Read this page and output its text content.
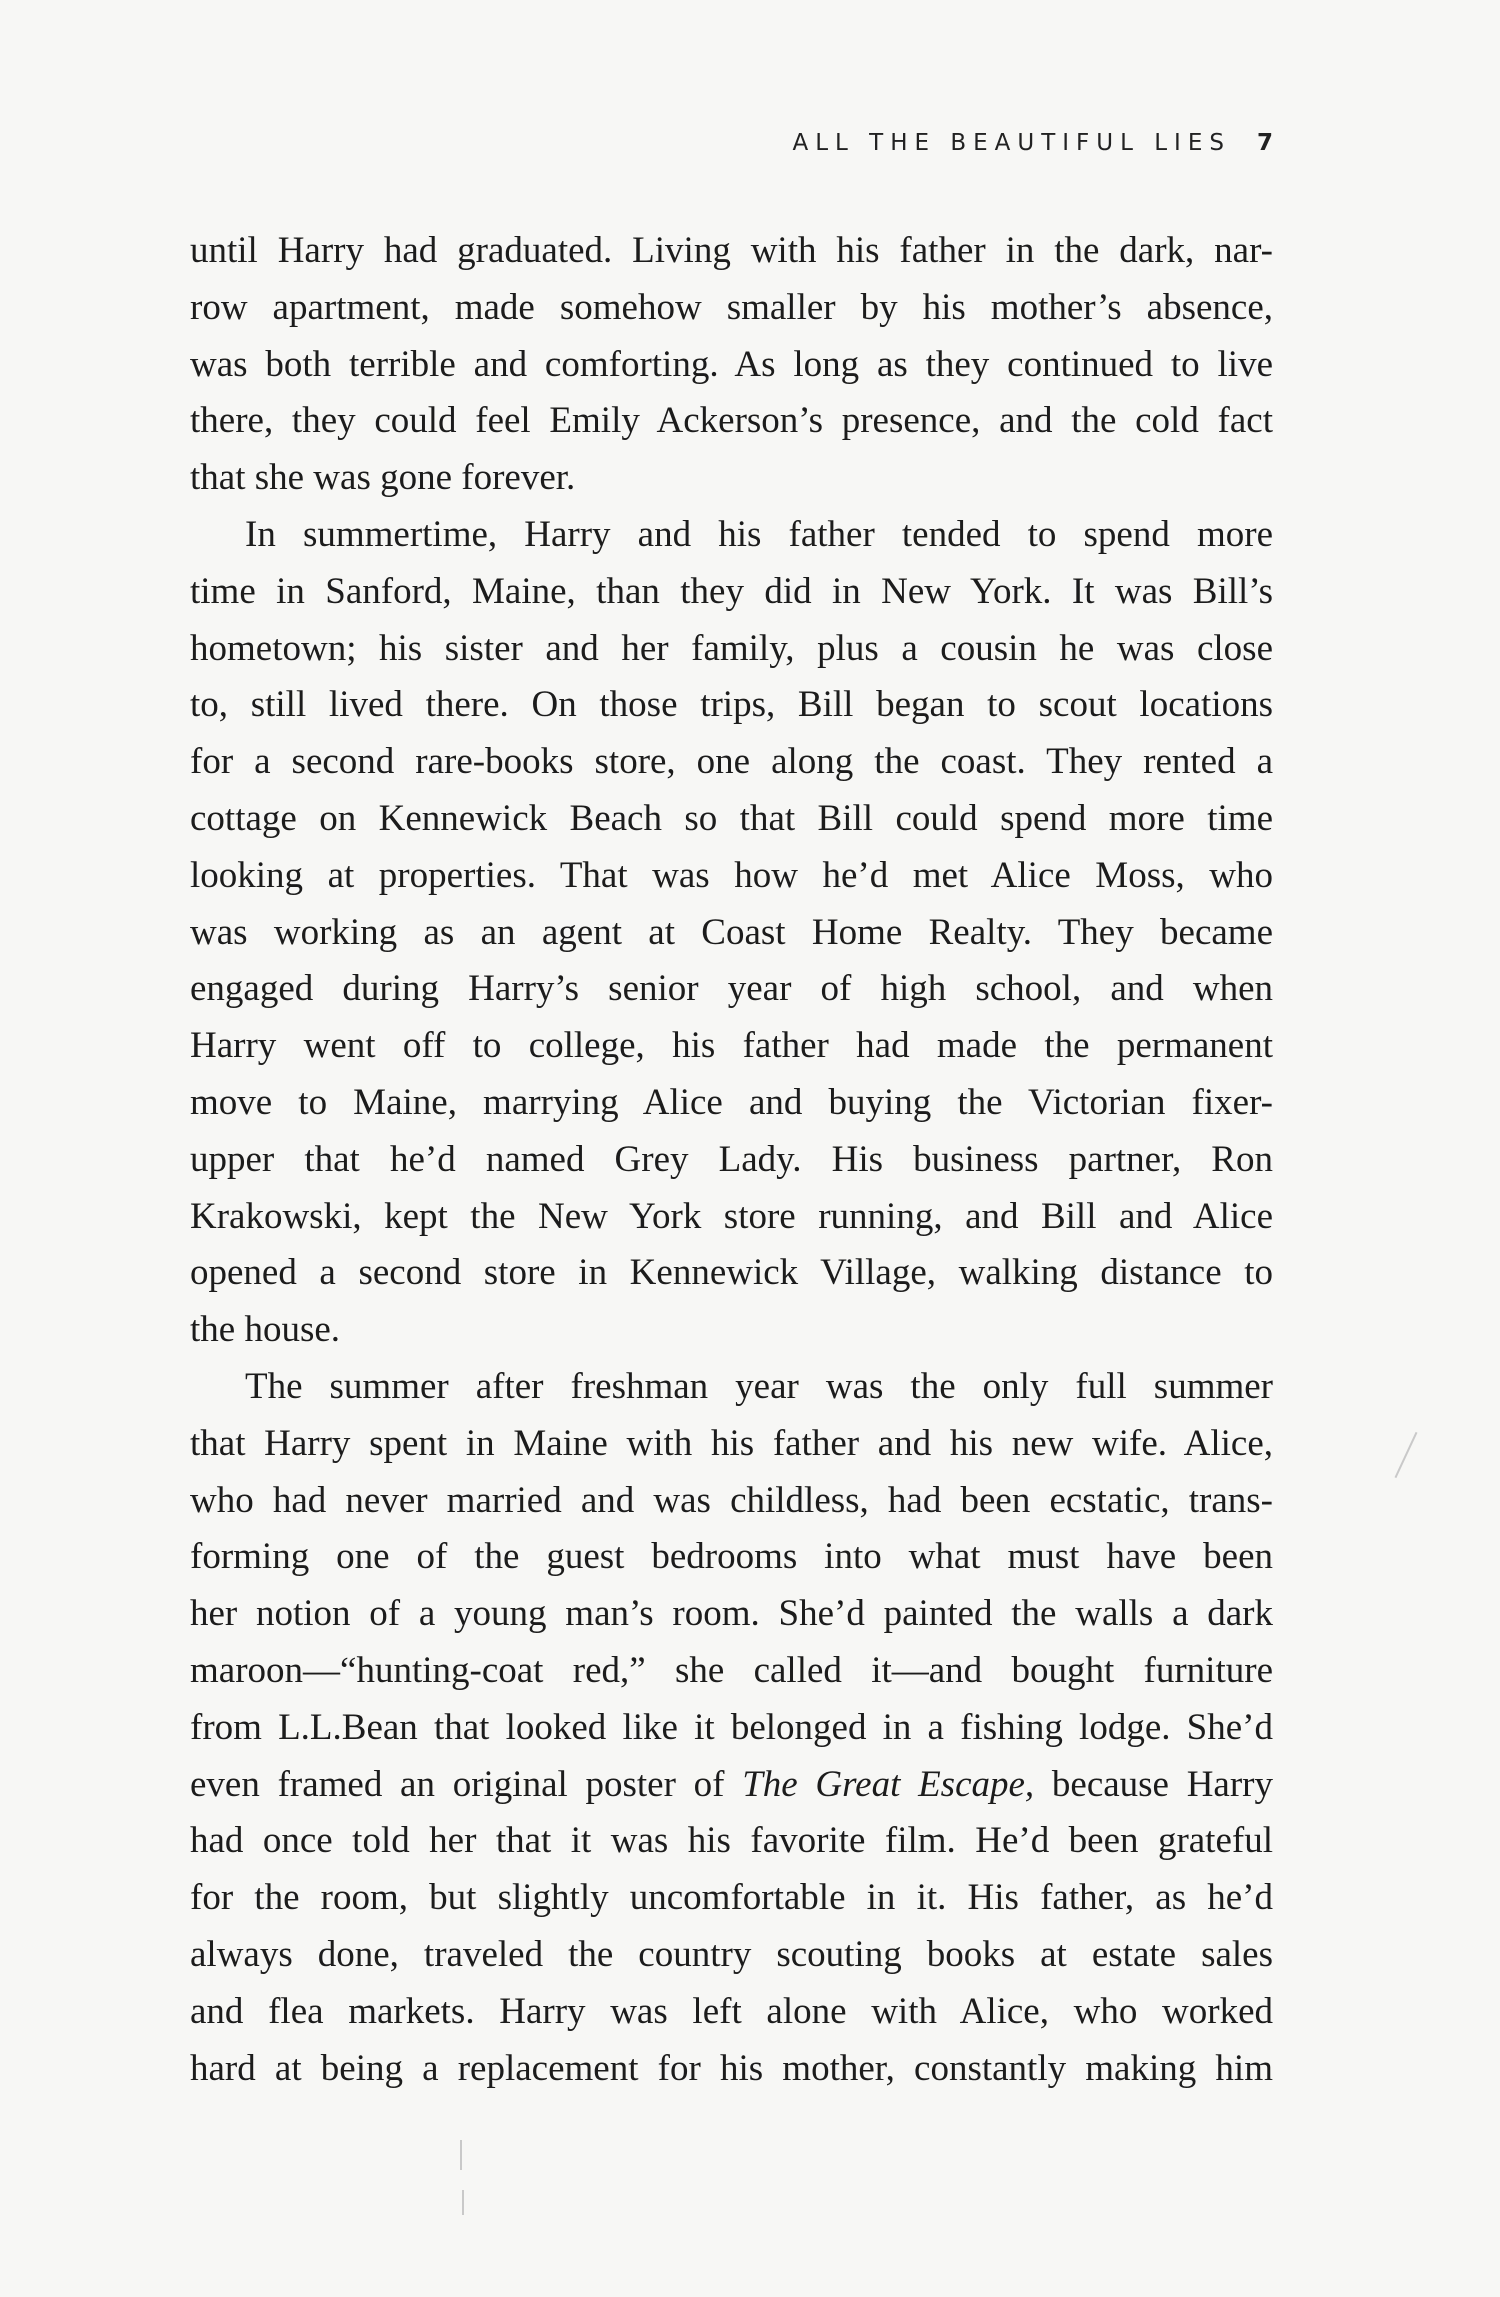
ALL THE BEAUTIFUL LIES 7

until Harry had graduated. Living with his father in the dark, nar-
row apartment, made somehow smaller by his mother’s absence,
was both terrible and comforting. As long as they continued to live
there, they could feel Emily Ackerson’s presence, and the cold fact
that she was gone forever.

In summertime, Harry and his father tended to spend more
time in Sanford, Maine, than they did in New York. It was Bill’s
hometown; his sister and her family, plus a cousin he was close
to, still lived there. On those trips, Bill began to scout locations
for a second rare-books store, one along the coast. They rented a
cottage on Kennewick Beach so that Bill could spend more time
looking at properties. That was how he’d met Alice Moss, who
was working as an agent at Coast Home Realty. They became
engaged during Harry’s senior year of high school, and when
Harry went off to college, his father had made the permanent
move to Maine, marrying Alice and buying the Victorian fixer-
upper that he’d named Grey Lady. His business partner, Ron
Krakowski, kept the New York store running, and Bill and Alice
opened a second store in Kennewick Village, walking distance to
the house.

The summer after freshman year was the only full summer
that Harry spent in Maine with his father and his new wife. Alice,
who had never married and was childless, had been ecstatic, trans-
forming one of the guest bedrooms into what must have been
her notion of a young man’s room. She’d painted the walls a dark
maroon—“hunting-coat red,” she called it—and bought furniture
from L.L.Bean that looked like it belonged in a fishing lodge. She’d
even framed an original poster of The Great Escape, because Harry
had once told her that it was his favorite film. He’d been grateful
for the room, but slightly uncomfortable in it. His father, as he’d
always done, traveled the country scouting books at estate sales
and flea markets. Harry was left alone with Alice, who worked
hard at being a replacement for his mother, constantly making him
